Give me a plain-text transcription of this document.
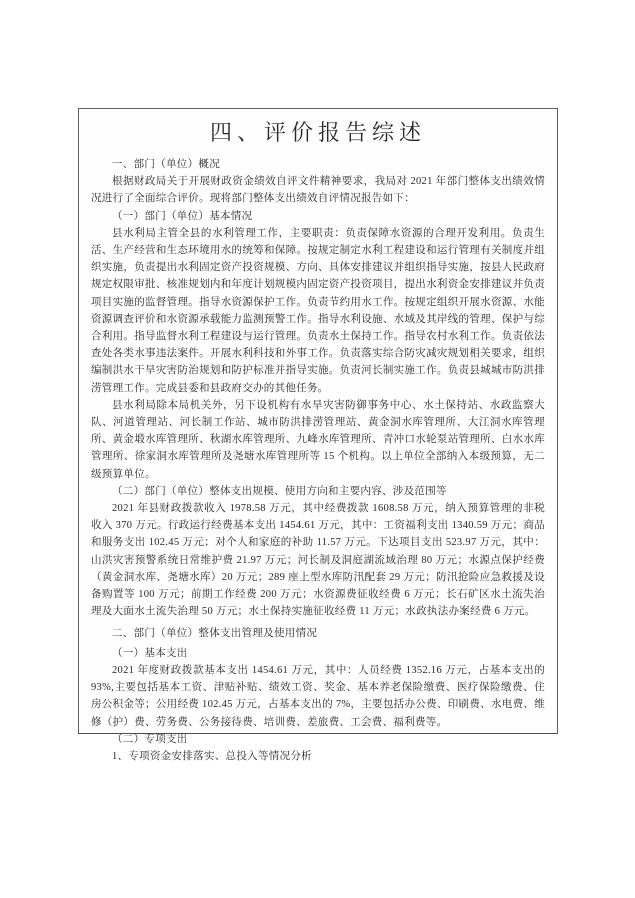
四、评价报告综述

一、部门（单位）概况

根据财政局关于开展财政资金绩效自评文件精神要求，我局对 2021 年部门整体支出绩效情况进行了全面综合评价。现将部门整体支出绩效自评情况报告如下：

（一）部门（单位）基本情况

县水利局主管全县的水利管理工作，主要职责：负责保障水资源的合理开发利用。负责生活、生产经营和生态环境用水的统筹和保障。按规定制定水利工程建设和运行管理有关制度并组织实施，负责提出水利固定资产投资规模、方向、具体安排建议并组织指导实施，按县人民政府规定权限审批、核准规划内和年度计划规模内固定资产投资项目，提出水利资金安排建议并负责项目实施的监督管理。指导水资源保护工作。负责节约用水工作。按规定组织开展水资源、水能资源调查评价和水资源承载能力监测预警工作。指导水利设施、水域及其岸线的管理、保护与综合利用。指导监督水利工程建设与运行管理。负责水土保持工作。指导农村水利工作。负责依法查处各类水事违法案件。开展水利科技和外事工作。负责落实综合防灾减灾规划相关要求，组织编制洪水干旱灾害防治规划和防护标准并指导实施。负责河长制实施工作。负责县城城市防洪排涝管理工作。完成县委和县政府交办的其他任务。

县水利局除本局机关外，另下设机构有水旱灾害防御事务中心、水土保持站、水政监察大队、河道管理站、河长制工作站、城市防洪排涝管理站、黄金洞水库管理所、大江洞水库管理所、黄金塅水库管理所、秋湖水库管理所、九峰水库管理所、青冲口水轮泵站管理所、白水水库管理所、徐家洞水库管理所及尧塘水库管理所等 15 个机构。以上单位全部纳入本级预算，无二级预算单位。

（二）部门（单位）整体支出规模、使用方向和主要内容、涉及范围等

2021 年县财政拨款收入 1978.58 万元，其中经费拨款 1608.58 万元，纳入预算管理的非税收入 370 万元。行政运行经费基本支出 1454.61 万元，其中：工资福利支出 1340.59 万元；商品和服务支出 102.45 万元；对个人和家庭的补助 11.57 万元。下达项目支出 523.97 万元，其中：山洪灾害预警系统日常维护费 21.97 万元；河长制及洞庭湖流域治理 80 万元；水源点保护经费（黄金洞水库、尧塘水库）20 万元；289 座上型水库防汛配套 29 万元；防汛抢险应急救援及设备购置等 100 万元；前期工作经费 200 万元；水资源费征收经费 6 万元；长石矿区水土流失治理及大面水土流失治理 50 万元；水土保持实施征收经费 11 万元；水政执法办案经费 6 万元。

二、部门（单位）整体支出管理及使用情况

（一）基本支出

2021 年度财政拨款基本支出 1454.61 万元，其中：人员经费 1352.16 万元，占基本支出的 93%,主要包括基本工资、津贴补贴、绩效工资、奖金、基本养老保险缴费、医疗保险缴费、住房公积金等；公用经费 102.45 万元，占基本支出的 7%，主要包括办公费、印刷费、水电费、维修（护）费、劳务费、公务接待费、培训费、差旅费、工会费、福利费等。

（二）专项支出

1、专项资金安排落实、总投入等情况分析
